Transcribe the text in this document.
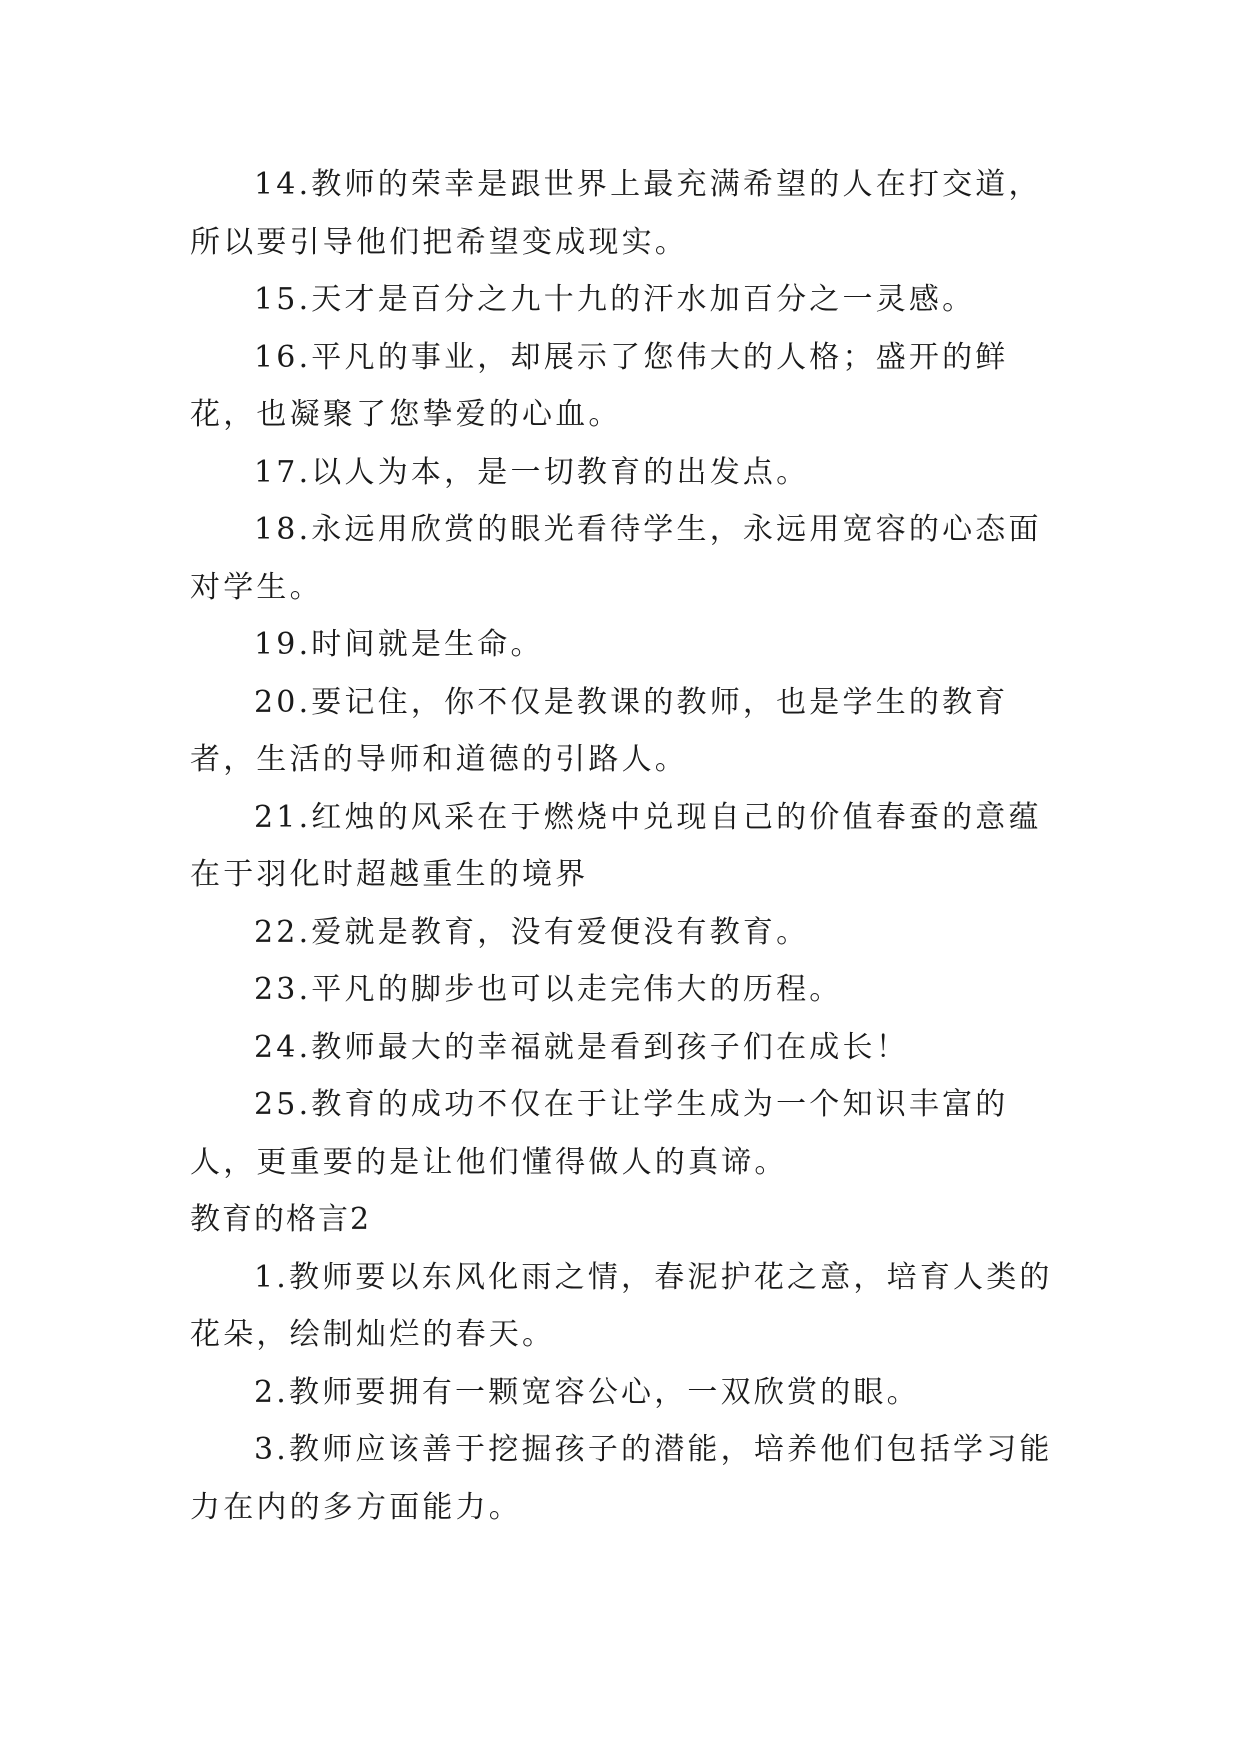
14.教师的荣幸是跟世界上最充满希望的人在打交道，所以要引导他们把希望变成现实。

15.天才是百分之九十九的汗水加百分之一灵感。

16.平凡的事业，却展示了您伟大的人格；盛开的鲜花，也凝聚了您挚爱的心血。

17.以人为本，是一切教育的出发点。

18.永远用欣赏的眼光看待学生，永远用宽容的心态面对学生。

19.时间就是生命。

20.要记住，你不仅是教课的教师，也是学生的教育者，生活的导师和道德的引路人。

21.红烛的风采在于燃烧中兑现自己的价值春蚕的意蕴在于羽化时超越重生的境界

22.爱就是教育，没有爱便没有教育。

23.平凡的脚步也可以走完伟大的历程。

24.教师最大的幸福就是看到孩子们在成长！

25.教育的成功不仅在于让学生成为一个知识丰富的人，更重要的是让他们懂得做人的真谛。

教育的格言2

1.教师要以东风化雨之情，春泥护花之意，培育人类的花朵，绘制灿烂的春天。

2.教师要拥有一颗宽容公心，一双欣赏的眼。

3.教师应该善于挖掘孩子的潜能，培养他们包括学习能力在内的多方面能力。
